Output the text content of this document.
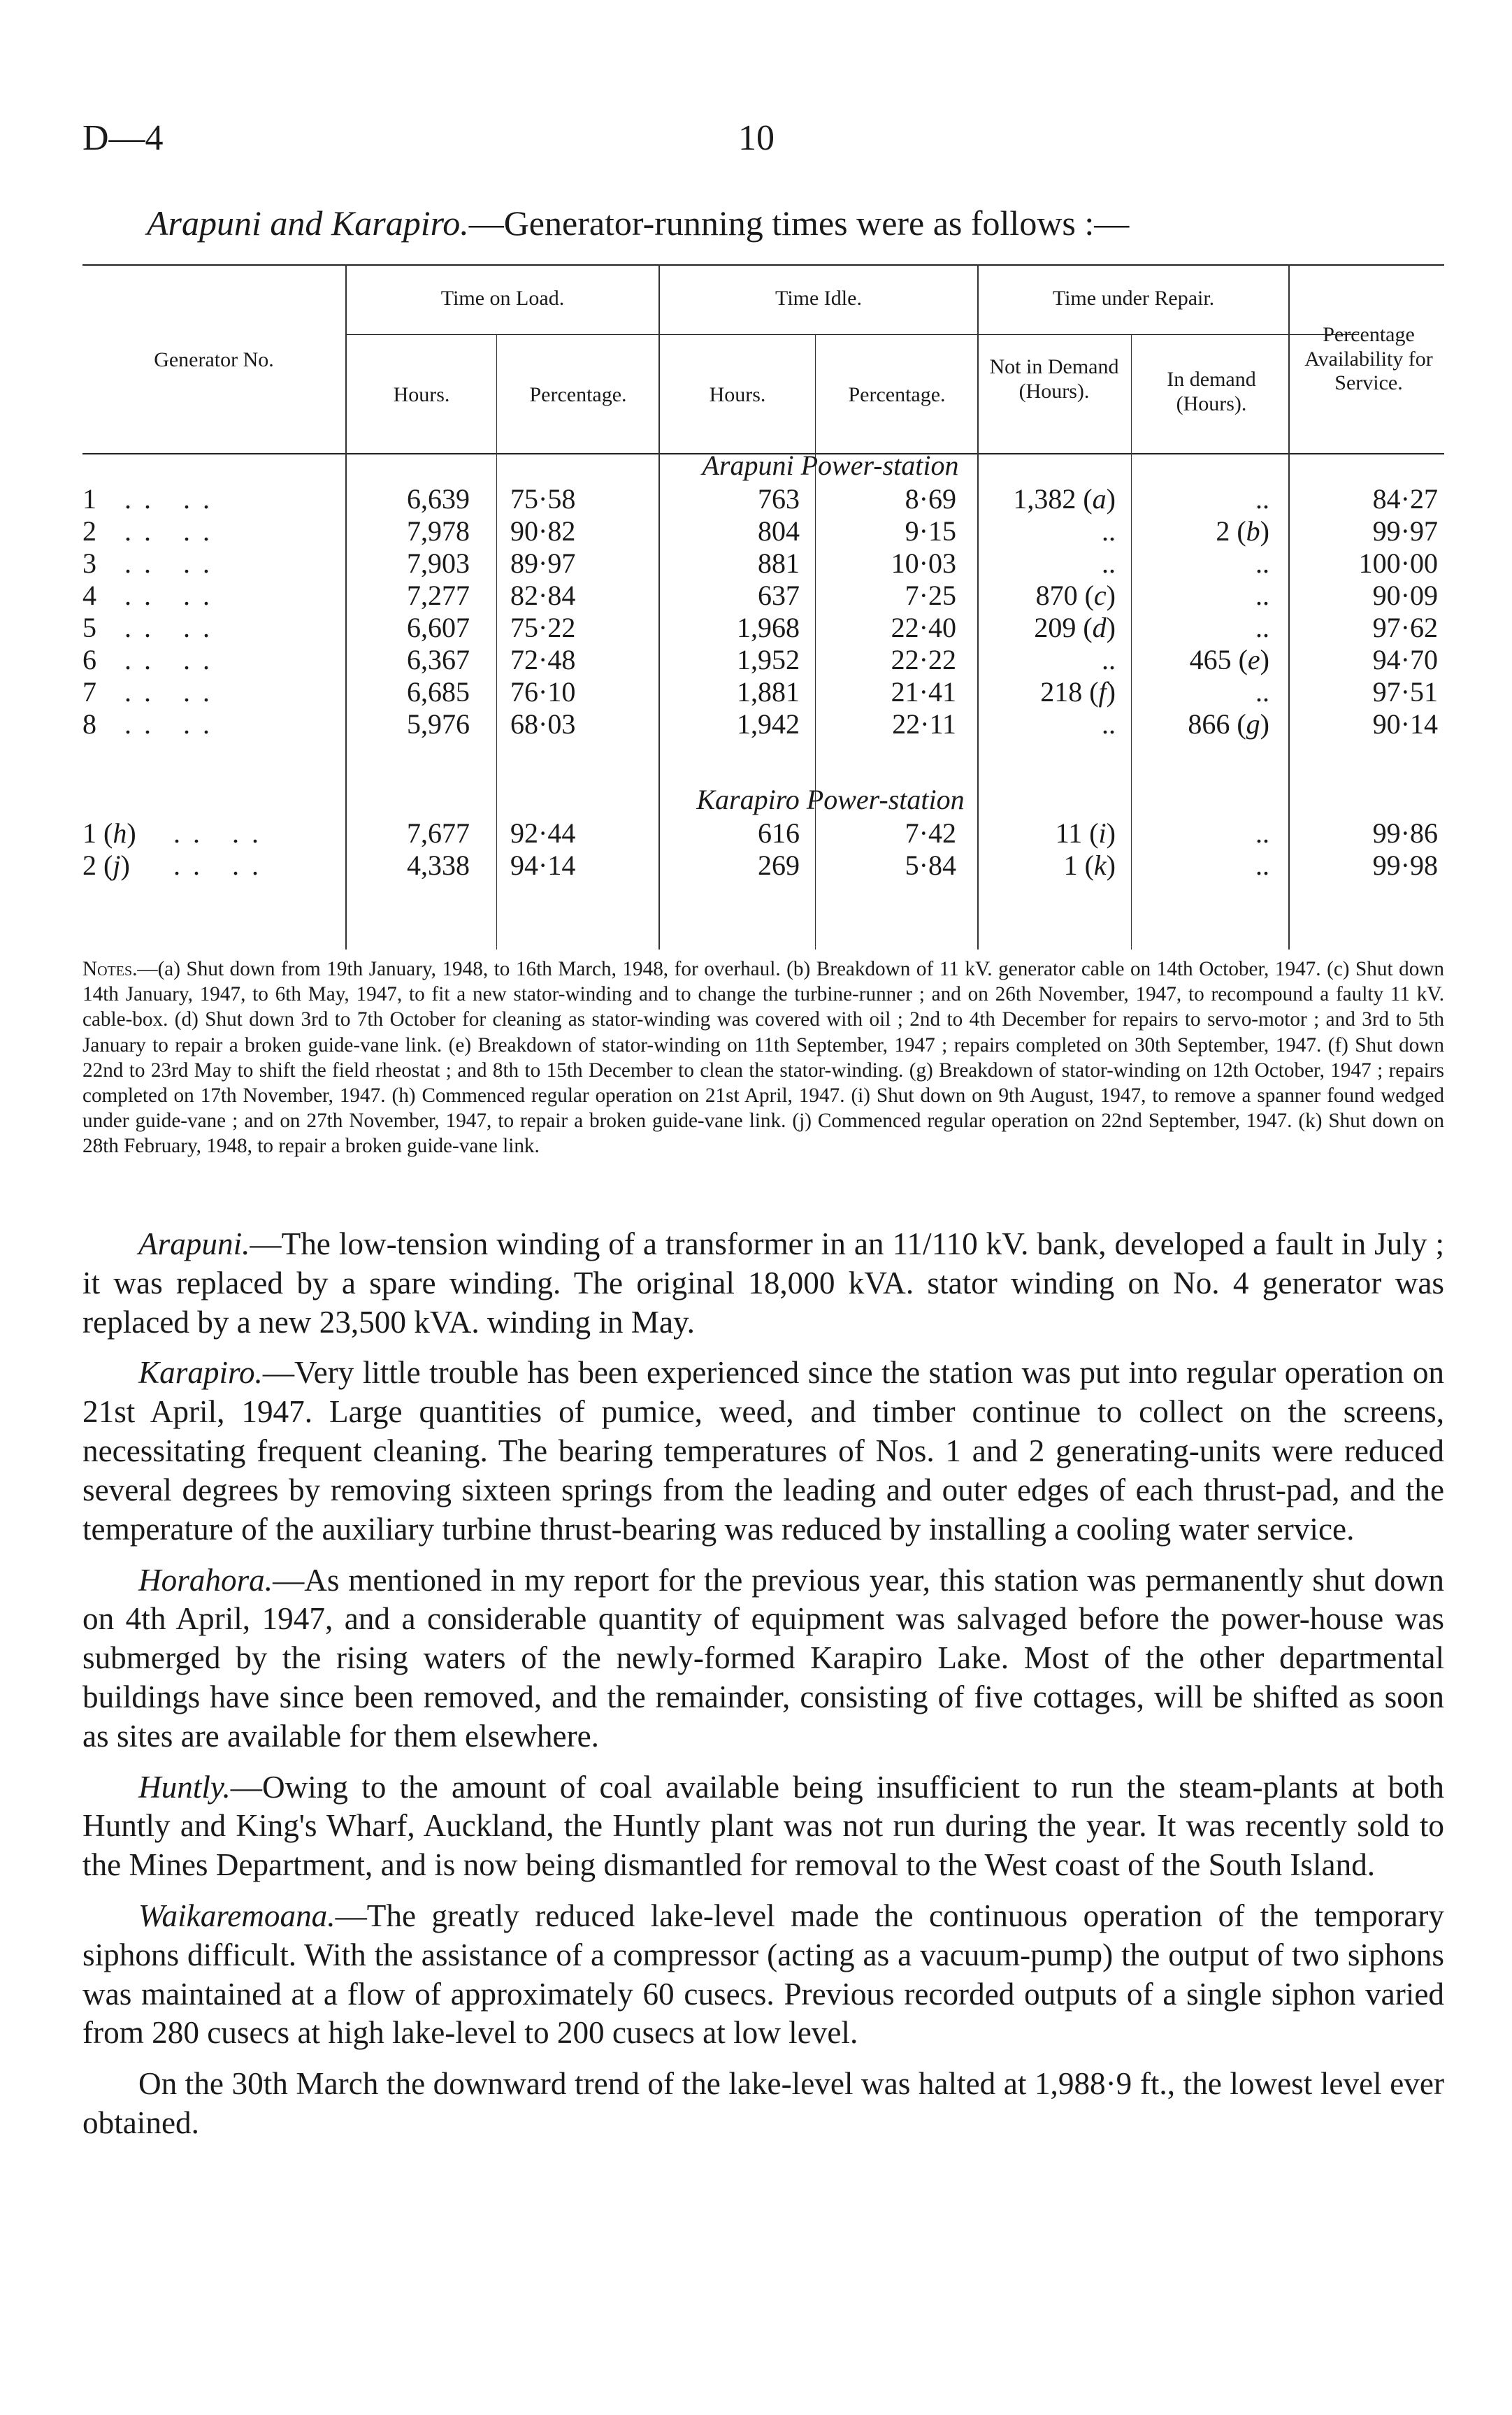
D—4	10
Arapuni and Karapiro.—Generator-running times were as follows :—
Generator No.
Time on Load.	Time Idle.	Time under Repair.
Percentage Availability for Service.
Hours.	Percentage.	Hours.	Percentage.
Not in Demand (Hours).	In demand (Hours).
Arapuni Power-station
1 .. ..	6,639 75·58	763	8·69	1,382 (a)	..	84·27
2 .. ..	7,978 90·82	804	9·15	..	2 (b)	99·97
3 .. ..	7,903 89·97	881	10·03	..	..	100·00
4 .. ..	7,277 82·84	637	7·25	870 (c)	..	90·09
5 .. ..	6,607 75·22	1,968	22·40	209 (d)	..	97·62
6 .. ..	6,367 72·48	1,952	22·22	..	465 (e)	94·70
7 .. ..	6,685 76·10	1,881	21·41	218 (f)	..	97·51
8 .. ..	5,976 68·03	1,942	22·11	..	866 (g)	90·14
Karapiro Power-station
1 (h) .. ..	7,677 92·44	616	7·42	11 (i)	..	99·86
2 (j) .. ..	4,338 94·14	269	5·84	1 (k)	..	99·98

Notes.—(a) Shut down from 19th January, 1948, to 16th March, 1948, for overhaul. (b) Breakdown of 11 kV. generator cable on 14th October, 1947. (c) Shut down 14th January, 1947, to 6th May, 1947, to fit a new stator-winding and to change the turbine-runner ; and on 26th November, 1947, to recompound a faulty 11 kV. cable-box. (d) Shut down 3rd to 7th October for cleaning as stator-winding was covered with oil ; 2nd to 4th December for repairs to servo-motor ; and 3rd to 5th January to repair a broken guide-vane link. (e) Breakdown of stator-winding on 11th September, 1947 ; repairs completed on 30th September, 1947. (f) Shut down 22nd to 23rd May to shift the field rheostat ; and 8th to 15th December to clean the stator-winding. (g) Breakdown of stator-winding on 12th October, 1947 ; repairs completed on 17th November, 1947. (h) Commenced regular operation on 21st April, 1947. (i) Shut down on 9th August, 1947, to remove a spanner found wedged under guide-vane ; and on 27th November, 1947, to repair a broken guide-vane link. (j) Commenced regular operation on 22nd September, 1947. (k) Shut down on 28th February, 1948, to repair a broken guide-vane link.

Arapuni.—The low-tension winding of a transformer in an 11/110 kV. bank, developed a fault in July ; it was replaced by a spare winding. The original 18,000 kVA. stator winding on No. 4 generator was replaced by a new 23,500 kVA. winding in May.

Karapiro.—Very little trouble has been experienced since the station was put into regular operation on 21st April, 1947. Large quantities of pumice, weed, and timber continue to collect on the screens, necessitating frequent cleaning. The bearing temperatures of Nos. 1 and 2 generating-units were reduced several degrees by removing sixteen springs from the leading and outer edges of each thrust-pad, and the temperature of the auxiliary turbine thrust-bearing was reduced by installing a cooling water service.

Horahora.—As mentioned in my report for the previous year, this station was permanently shut down on 4th April, 1947, and a considerable quantity of equipment was salvaged before the power-house was submerged by the rising waters of the newly-formed Karapiro Lake. Most of the other departmental buildings have since been removed, and the remainder, consisting of five cottages, will be shifted as soon as sites are available for them elsewhere.

Huntly.—Owing to the amount of coal available being insufficient to run the steam-plants at both Huntly and King's Wharf, Auckland, the Huntly plant was not run during the year. It was recently sold to the Mines Department, and is now being dismantled for removal to the West coast of the South Island.

Waikaremoana.—The greatly reduced lake-level made the continuous operation of the temporary siphons difficult. With the assistance of a compressor (acting as a vacuum-pump) the output of two siphons was maintained at a flow of approximately 60 cusecs. Previous recorded outputs of a single siphon varied from 280 cusecs at high lake-level to 200 cusecs at low level.

On the 30th March the downward trend of the lake-level was halted at 1,988·9 ft., the lowest level ever obtained.
